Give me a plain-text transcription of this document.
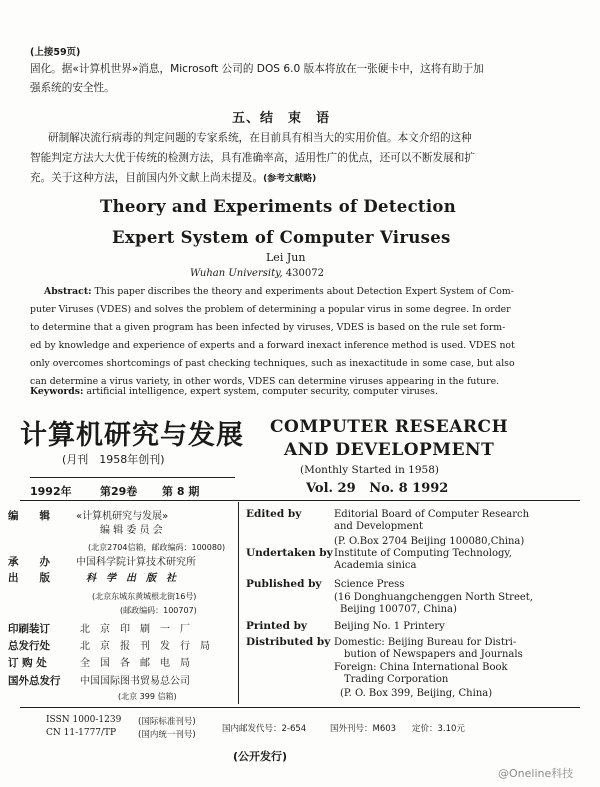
(上接59页)
固化。据«计算机世界»消息，Microsoft 公司的 DOS 6.0 版本将放在一张硬卡中，这将有助于加
强系统的安全性。
五、结　束　语
研制解决流行病毒的判定问题的专家系统，在目前具有相当大的实用价值。本文介绍的这种
智能判定方法大大优于传统的检测方法，具有准确率高，适用性广的优点，还可以不断发展和扩
充。关于这种方法，目前国内外文献上尚未提及。(参考文献略)
Theory and Experiments of Detection
Expert System of Computer Viruses
Lei Jun
Wuhan University, 430072
Abstract: This paper discribes the theory and experiments about Detection Expert System of Com-
puter Viruses (VDES) and solves the problem of determining a popular virus in some degree. In order
to determine that a given program has been infected by viruses, VDES is based on the rule set form-
ed by knowledge and experience of experts and a forward inexact inference method is used. VDES not
only overcomes shortcomings of past checking techniques, such as inexactitude in some case, but also
can determine a virus variety, in other words, VDES can determine viruses appearing in the future.
Keywords: artificial intelligence, expert system, computer security, computer viruses.
计算机研究与发展
(月刊　1958年创刊)
COMPUTER RESEARCH
AND DEVELOPMENT
(Monthly Started in 1958)
1992年	第29卷 第 8 期	Vol. 29   No. 8 1992
编　　辑	«计算机研究与发展»
编 辑 委 员 会
(北京2704信箱，邮政编码：100080)
承　　办	中国科学院计算技术研究所
出　　版	科　学　出　版　社
(北京东城东黄城根北街16号)
(邮政编码：100707)
印刷装订	北　京　印　刷　一　厂
总发行处	北　京　报　刊　发　行　局
订 购 处	全　国　各　邮　电　局
国外总发行 中国国际图书贸易总公司
(北京 399 信箱)
Edited by	Editorial Board of Computer Research
and Development
(P. O.Box 2704 Beijing 100080,China)
Undertaken by Institute of Computing Technology,
Academia sinica
Published by Science Press
(16 Donghuangchenggen North Street,
Beijing 100707, China)
Printed by	Beijing No. 1 Printery
Distributed by Domestic: Beijing Bureau for Distri-
bution of Newspapers and Journals
Foreign: China International Book
Trading Corporation
(P. O. Box 399, Beijing, China)
ISSN 1000-1239 (国际标准刊号)
CN 11-1777/TP	(国内统一刊号)
国内邮发代号：2-654	国外刊号：M603 定价：3.10元
(公开发行)
@Oneline科技
